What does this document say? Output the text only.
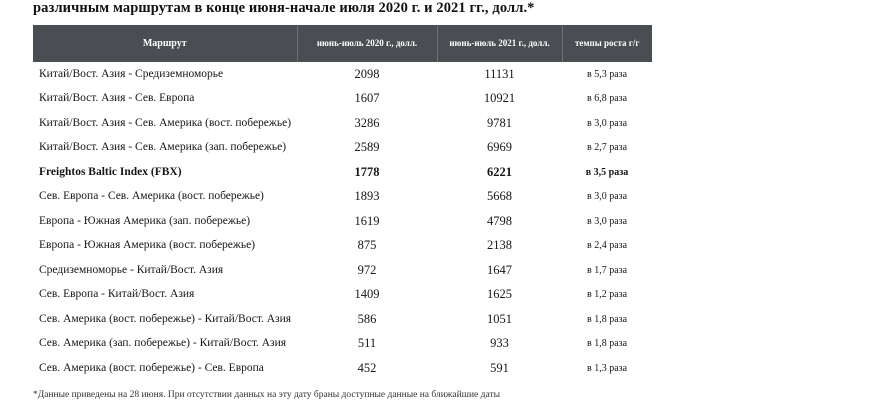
различным маршрутам в конце июня-начале июля 2020 г. и 2021 гг., долл.*
Маршрут	июнь-июль 2020 г., долл.	июнь-июль 2021 г., долл.	темпы роста г/г
Китай/Вост. Азия - Средиземноморье	2098	11131	в 5,3 раза
Китай/Вост. Азия - Сев. Европа	1607	10921	в 6,8 раза
Китай/Вост. Азия - Сев. Америка (вост. побережье)	3286	9781	в 3,0 раза
Китай/Вост. Азия - Сев. Америка (зап. побережье)	2589	6969	в 2,7 раза
Freightos Baltic Index (FBX)	1778	6221	в 3,5 раза
Сев. Европа - Сев. Америка (вост. побережье)	1893	5668	в 3,0 раза
Европа - Южная Америка (зап. побережье)	1619	4798	в 3,0 раза
Европа - Южная Америка (вост. побережье)	875	2138	в 2,4 раза
Средиземноморье - Китай/Вост. Азия	972	1647	в 1,7 раза
Сев. Европа - Китай/Вост. Азия	1409	1625	в 1,2 раза
Сев. Америка (вост. побережье) - Китай/Вост. Азия	586	1051	в 1,8 раза
Сев. Америка (зап. побережье) - Китай/Вост. Азия	511	933	в 1,8 раза
Сев. Америка (вост. побережье) - Сев. Европа	452	591	в 1,3 раза
*Данные приведены на 28 июня. При отсутствии данных на эту дату браны доступные данные на ближайшие даты
